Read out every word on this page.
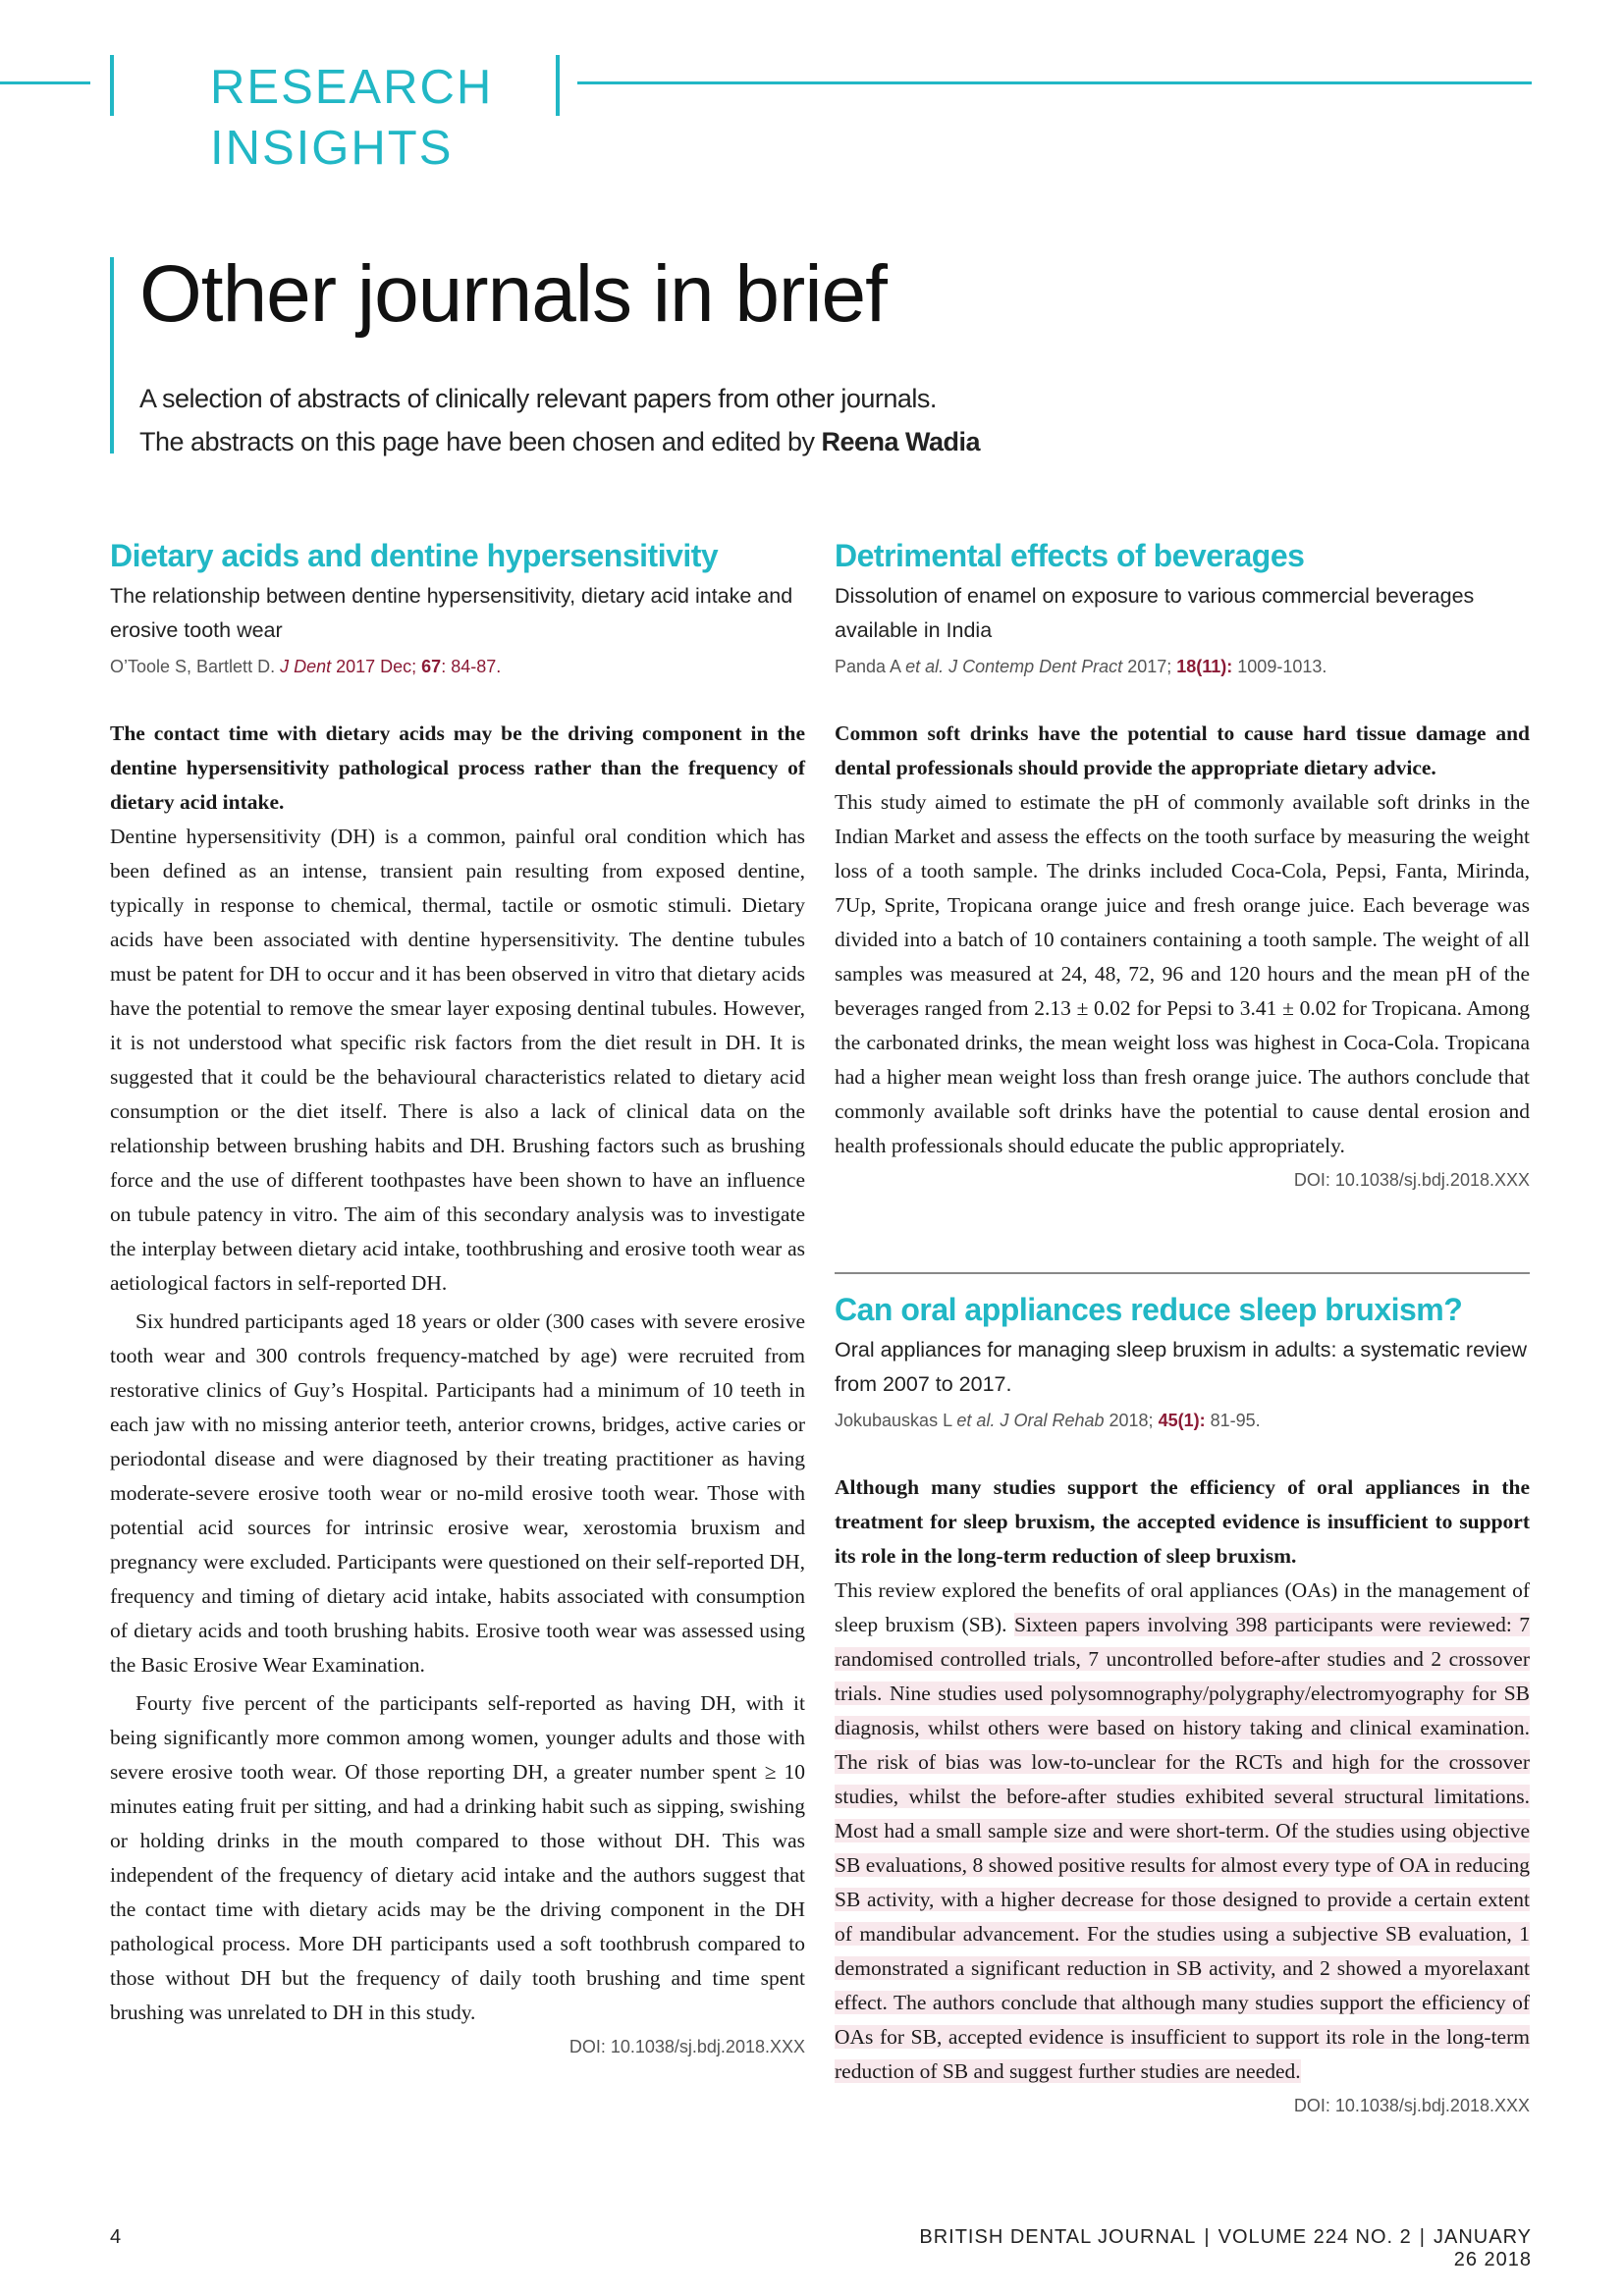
RESEARCH
INSIGHTS
Other journals in brief
A selection of abstracts of clinically relevant papers from other journals.
The abstracts on this page have been chosen and edited by Reena Wadia
Dietary acids and dentine hypersensitivity

The relationship between dentine hypersensitivity, dietary acid intake and erosive tooth wear

O’Toole S, Bartlett D. J Dent 2017 Dec; 67: 84-87.

The contact time with dietary acids may be the driving component in the dentine hypersensitivity pathological process rather than the frequency of dietary acid intake.

Dentine hypersensitivity (DH) is a common, painful oral condition which has been defined as an intense, transient pain resulting from exposed dentine, typically in response to chemical, thermal, tactile or osmotic stimuli. Dietary acids have been associated with dentine hypersensitivity. The dentine tubules must be patent for DH to occur and it has been observed in vitro that dietary acids have the potential to remove the smear layer exposing dentinal tubules. However, it is not understood what specific risk factors from the diet result in DH. It is suggested that it could be the behavioural characteristics related to dietary acid consumption or the diet itself. There is also a lack of clinical data on the relationship between brushing habits and DH. Brushing factors such as brushing force and the use of different toothpastes have been shown to have an influence on tubule patency in vitro. The aim of this secondary analysis was to investigate the interplay between dietary acid intake, toothbrushing and erosive tooth wear as aetiological factors in self-reported DH.

Six hundred participants aged 18 years or older (300 cases with severe erosive tooth wear and 300 controls frequency-matched by age) were recruited from restorative clinics of Guy’s Hospital. Participants had a minimum of 10 teeth in each jaw with no missing anterior teeth, anterior crowns, bridges, active caries or periodontal disease and were diagnosed by their treating practitioner as having moderate-severe erosive tooth wear or no-mild erosive tooth wear. Those with potential acid sources for intrinsic erosive wear, xerostomia bruxism and pregnancy were excluded. Participants were questioned on their self-reported DH, frequency and timing of dietary acid intake, habits associated with consumption of dietary acids and tooth brushing habits. Erosive tooth wear was assessed using the Basic Erosive Wear Examination.

Fourty five percent of the participants self-reported as having DH, with it being significantly more common among women, younger adults and those with severe erosive tooth wear. Of those reporting DH, a greater number spent ≥ 10 minutes eating fruit per sitting, and had a drinking habit such as sipping, swishing or holding drinks in the mouth compared to those without DH. This was independent of the frequency of dietary acid intake and the authors suggest that the contact time with dietary acids may be the driving component in the DH pathological process. More DH participants used a soft toothbrush compared to those without DH but the frequency of daily tooth brushing and time spent brushing was unrelated to DH in this study.

DOI: 10.1038/sj.bdj.2018.XXX

Detrimental effects of beverages

Dissolution of enamel on exposure to various commercial beverages available in India

Panda A et al. J Contemp Dent Pract 2017; 18(11): 1009-1013.

Common soft drinks have the potential to cause hard tissue damage and dental professionals should provide the appropriate dietary advice.

This study aimed to estimate the pH of commonly available soft drinks in the Indian Market and assess the effects on the tooth surface by measuring the weight loss of a tooth sample. The drinks included Coca-Cola, Pepsi, Fanta, Mirinda, 7Up, Sprite, Tropicana orange juice and fresh orange juice. Each beverage was divided into a batch of 10 containers containing a tooth sample. The weight of all samples was measured at 24, 48, 72, 96 and 120 hours and the mean pH of the beverages ranged from 2.13 ± 0.02 for Pepsi to 3.41 ± 0.02 for Tropicana. Among the carbonated drinks, the mean weight loss was highest in Coca-Cola. Tropicana had a higher mean weight loss than fresh orange juice. The authors conclude that commonly available soft drinks have the potential to cause dental erosion and health professionals should educate the public appropriately.

DOI: 10.1038/sj.bdj.2018.XXX

Can oral appliances reduce sleep bruxism?

Oral appliances for managing sleep bruxism in adults: a systematic review from 2007 to 2017.

Jokubauskas L et al. J Oral Rehab 2018; 45(1): 81-95.

Although many studies support the efficiency of oral appliances in the treatment for sleep bruxism, the accepted evidence is insufficient to support its role in the long-term reduction of sleep bruxism.

This review explored the benefits of oral appliances (OAs) in the management of sleep bruxism (SB). Sixteen papers involving 398 participants were reviewed: 7 randomised controlled trials, 7 uncontrolled before-after studies and 2 crossover trials. Nine studies used polysomnography/polygraphy/electromyography for SB diagnosis, whilst others were based on history taking and clinical examination. The risk of bias was low-to-unclear for the RCTs and high for the crossover studies, whilst the before-after studies exhibited several structural limitations. Most had a small sample size and were short-term. Of the studies using objective SB evaluations, 8 showed positive results for almost every type of OA in reducing SB activity, with a higher decrease for those designed to provide a certain extent of mandibular advancement. For the studies using a subjective SB evaluation, 1 demonstrated a significant reduction in SB activity, and 2 showed a myorelaxant effect. The authors conclude that although many studies support the efficiency of OAs for SB, accepted evidence is insufficient to support its role in the long-term reduction of SB and suggest further studies are needed.

DOI: 10.1038/sj.bdj.2018.XXX

4	BRITISH DENTAL JOURNAL | VOLUME 224 NO. 2 | JANUARY 26 2018
